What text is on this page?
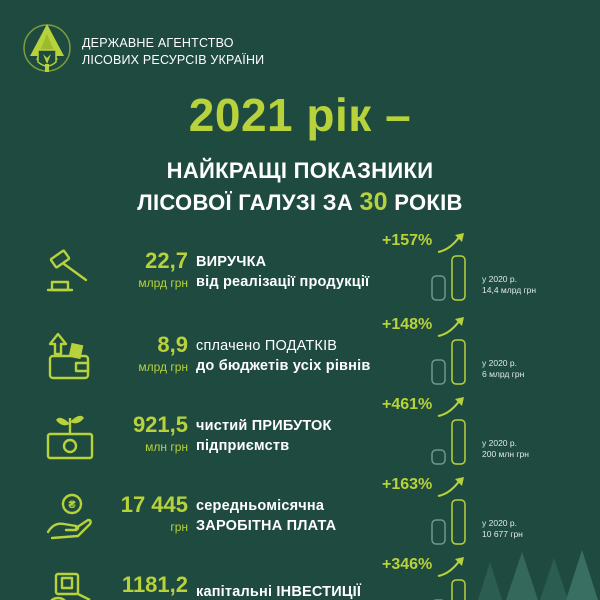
ДЕРЖАВНЕ АГЕНТСТВО
ЛІСОВИХ РЕСУРСІВ УКРАЇНИ
2021 рік –
НАЙКРАЩІ ПОКАЗНИКИ
ЛІСОВОЇ ГАЛУЗІ ЗА 30 РОКІВ
22,7
млрд грн
ВИРУЧКА
від реалізації продукції
+157%
у 2020 р.
14,4 млрд грн
8,9
млрд грн
сплачено ПОДАТКІВ
до бюджетів усіх рівнів
+148%
у 2020 р.
6 млрд грн
921,5
млн грн
чистий ПРИБУТОК
підприємств
+461%
у 2020 р.
200 млн грн
₴	17 445
грн
середньомісячна
ЗАРОБІТНА ПЛАТА
+163%
у 2020 р.
10 677 грн
1181,2 капітальні ІНВЕСТИЦІЇ
+346%
